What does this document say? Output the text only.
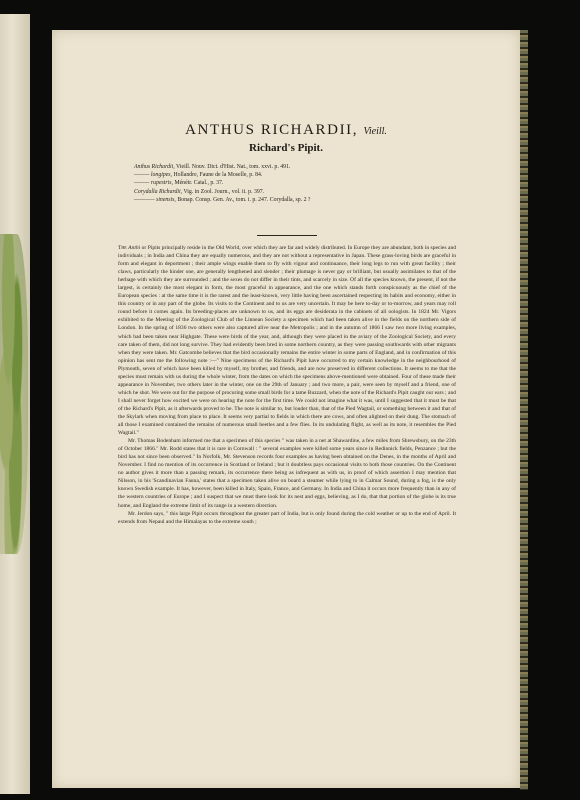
ANTHUS RICHARDII, Vieill.
Richard's Pipit.
Anthus Richardii, Vieill. Nouv. Dict. d'Hist. Nat., tom. xxvi. p. 491.
——— longipes, Hollandre, Faune de la Moselle, p. 84.
——— rupestris, Ménétr. Catal., p. 37.
Corydalla Richardii, Vig. in Zool. Journ., vol. ii. p. 397.
———— sinensis, Bonap. Consp. Gen. Av., tom. i. p. 247. Corydalla, sp. 2 ?

The Anthi or Pipits principally reside in the Old World, over which they are far and widely distributed. In Europe they are abundant, both in species and individuals ; in India and China they are equally numerous, and they are not without a representative in Japan. These grass-loving birds are graceful in form and elegant in deportment ; their ample wings enable them to fly with vigour and continuance, their long legs to run with great facility ; their claws, particularly the hinder one, are generally lengthened and slender ; their plumage is never gay or brilliant, but usually assimilates to that of the herbage with which they are surrounded ; and the sexes do not differ in their tints, and scarcely in size. Of all the species known, the present, if not the largest, is certainly the most elegant in form, the most graceful in appearance, and the one which stands forth conspicuously as the chief of the European species : at the same time it is the rarest and the least-known, very little having been ascertained respecting its habits and economy, either in this country or in any part of the globe. Its visits to the Continent and to us are very uncertain. It may be here to-day or to-morrow, and years may roll round before it comes again. Its breeding-places are unknown to us, and its eggs are desiderata in the cabinets of all oologists. In 1824 Mr. Vigors exhibited to the Meeting of the Zoological Club of the Linnean Society a specimen which had been taken alive in the fields on the northern side of London. In the spring of 1836 two others were also captured alive near the Metropolis ; and in the autumn of 1866 I saw two more living examples, which had been taken near Highgate. These were birds of the year, and, although they were placed in the aviary of the Zoological Society, and every care taken of them, did not long survive. They had evidently been bred in some northern country, as they were passing southwards with other migrants when they were taken. Mr. Gatcombe believes that the bird occasionally remains the entire winter in some parts of England, and in confirmation of this opinion has sent me the following note :—" Nine specimens of the Richard's Pipit have occurred to my certain knowledge in the neighbourhood of Plymouth, seven of which have been killed by myself, my brother, and friends, and are now preserved in different collections. It seems to me that the species must remain with us during the whole winter, from the dates on which the specimens above-mentioned were obtained. Four of these made their appearance in November, two others later in the winter, one on the 29th of January ; and two more, a pair, were seen by myself and a friend, one of which he shot. We were out for the purpose of procuring some small birds for a tame Buzzard, when the note of the Richard's Pipit caught our ears ; and I shall never forget how excited we were on hearing the note for the first time. We could not imagine what it was, until I suggested that it must be that of the Richard's Pipit, as it afterwards proved to be. The note is similar to, but louder than, that of the Pied Wagtail, or something between it and that of the Skylark when moving from place to place. It seems very partial to fields in which there are cows, and often alighted on their dung. The stomach of all those I examined contained the remains of numerous small beetles and a few flies. In its undulating flight, as well as its note, it resembles the Pied Wagtail."

Mr. Thomas Bodenham informed me that a specimen of this species " was taken in a net at Shawardine, a few miles from Shrewsbury, on the 23th of October 1866." Mr. Rodd states that it is rare in Cornwall : " several examples were killed some years since in Redinnick fields, Penzance ; but the bird has not since been observed." In Norfolk, Mr. Stevenson records four examples as having been obtained on the Denes, in the months of April and November. I find no mention of its occurrence in Scotland or Ireland ; but it doubtless pays occasional visits to both those countries. On the Continent no author gives it more than a passing remark, its occurrence there being as infrequent as with us, in proof of which assertion I may mention that Nilsson, in his 'Scandinavian Fauna,' states that a specimen taken alive on board a steamer while lying to in Calmar Sound, during a fog, is the only known Swedish example. It has, however, been killed in Italy, Spain, France, and Germany. In India and China it occurs more frequently than in any of the western countries of Europe ; and I suspect that we must there look for its nest and eggs, believing, as I do, that that portion of the globe is its true home, and England the extreme limit of its range in a western direction.

Mr. Jerdon says, " this large Pipit occurs throughout the greater part of India, but is only found during the cold weather or up to the end of April. It extends from Nepaul and the Himalayas to the extreme south ;
